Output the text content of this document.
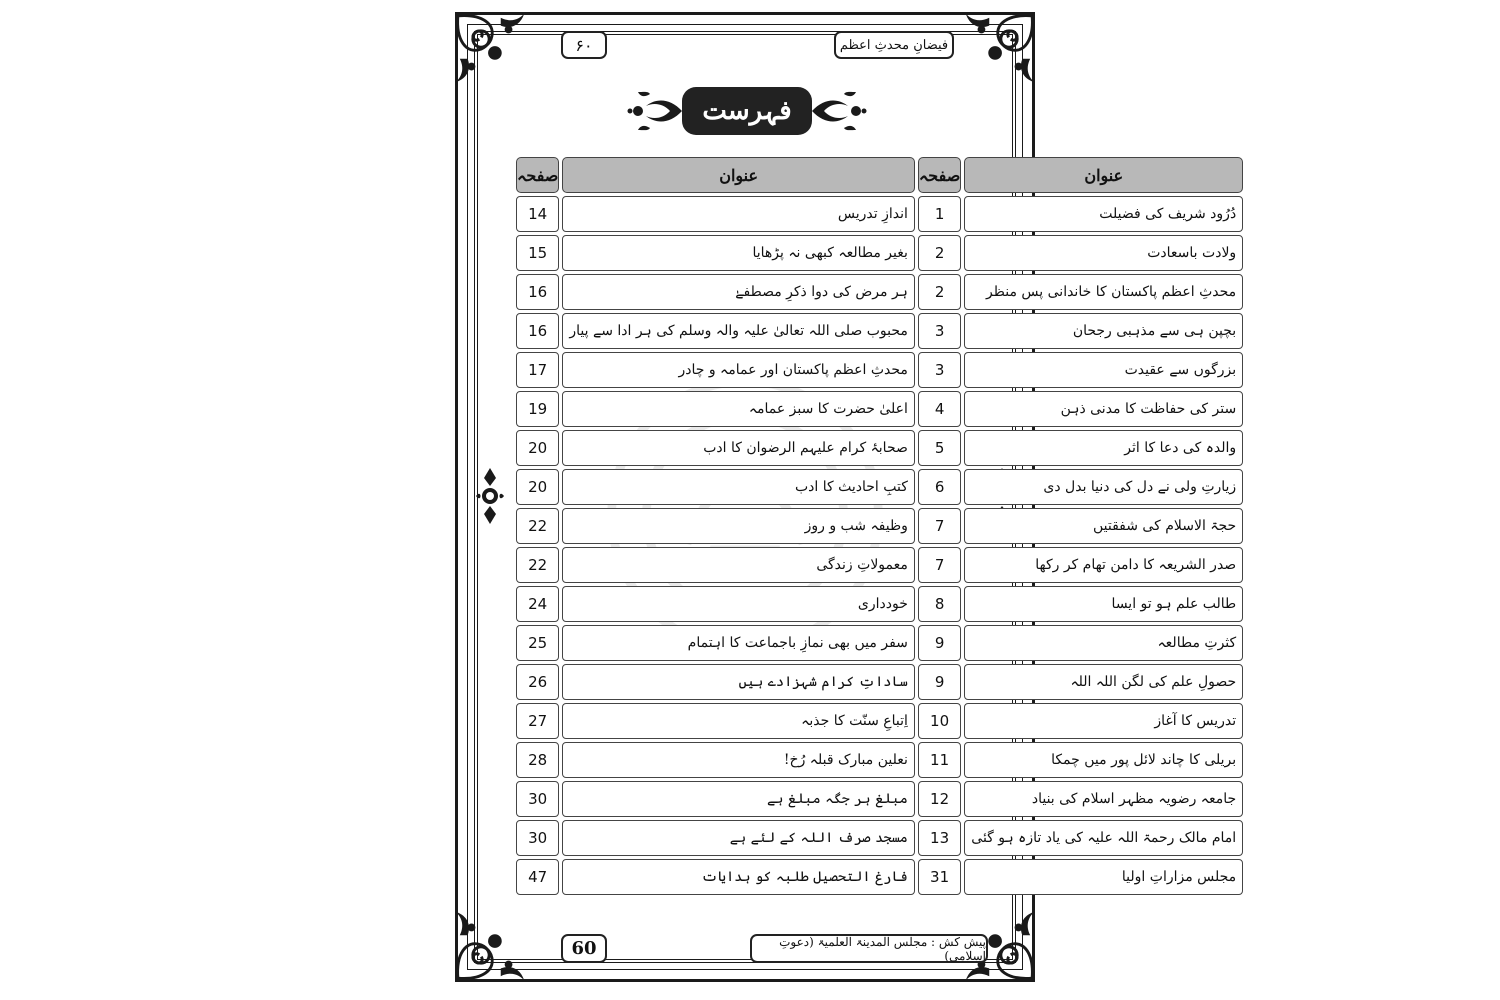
۶۰	فیضانِ محدثِ اعظم
فہرست
صفحہ	عنوان	صفحہ	عنوان
14	اندازِ تدریس	1	دُرُود شریف کی فضیلت
15	بغیر مطالعہ کبھی نہ پڑھایا	2	ولادت باسعادت
16	ہر مرض کی دوا ذکرِ مصطفےٰ	2	محدثِ اعظم پاکستان کا خاندانی پس منظر
16	محبوب صلی اللہ تعالیٰ علیہ والہ وسلم کی ہر ادا سے پیار	3	بچپن ہی سے مذہبی رجحان
17	محدثِ اعظم پاکستان اور عمامہ و چادر	3	بزرگوں سے عقیدت
19	اعلیٰ حضرت کا سبز عمامہ	4	ستر کی حفاظت کا مدنی ذہن
20	صحابۂ کرام علیہم الرضوان کا ادب	5	والدہ کی دعا کا اثر
20	کتبِ احادیث کا ادب	6	زیارتِ ولی نے دل کی دنیا بدل دی
22	وظیفہ شب و روز	7	حجۃ الاسلام کی شفقتیں
22	معمولاتِ زندگی	7	صدر الشریعہ کا دامن تھام کر رکھا
24	خودداری	8	طالب علم ہو تو ایسا
25	سفر میں بھی نمازِ باجماعت کا اہتمام	9	کثرتِ مطالعہ
26	ساداتِ کرام شہزادے ہیں	9	حصولِ علم کی لگن اللہ اللہ
27	اِتباعِ سنّت کا جذبہ	10	تدریس کا آغاز
28	نعلین مبارک قبلہ رُخ!	11	بریلی کا چاند لائل پور میں چمکا
30	مبلغ ہر جگہ مبلغ ہے	12	جامعہ رضویہ مظہر اسلام کی بنیاد
30	مسجد صرف اللہ کے لئے ہے	13	امام مالک رحمۃ اللہ علیہ کی یاد تازہ ہو گئی
47	فارغ التحصیل طلبہ کو ہدایات	31	مجلس مزاراتِ اولیا
60	پیش کش : مجلس المدینۃ العلمیۃ (دعوتِ اسلامی)
